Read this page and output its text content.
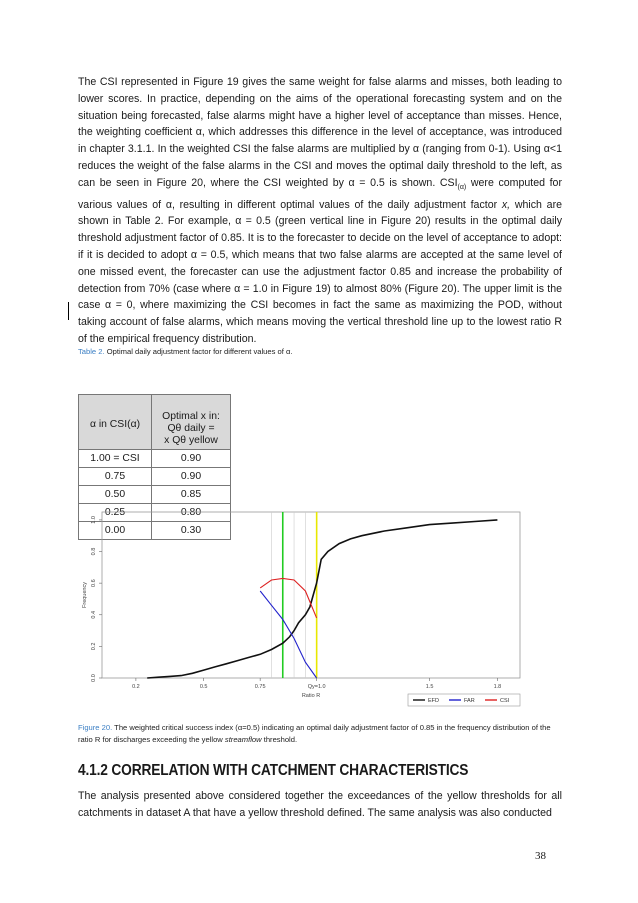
The CSI represented in Figure 19 gives the same weight for false alarms and misses, both leading to lower scores. In practice, depending on the aims of the operational forecasting system and on the situation being forecasted, false alarms might have a higher level of acceptance than misses. Hence, the weighting coefficient α, which addresses this difference in the level of acceptance, was introduced in chapter 3.1.1. In the weighted CSI the false alarms are multiplied by α (ranging from 0-1). Using α<1 reduces the weight of the false alarms in the CSI and moves the optimal daily threshold to the left, as can be seen in Figure 20, where the CSI weighted by α = 0.5 is shown. $CSI_{(\alpha)}$ were computed for various values of α, resulting in different optimal values of the daily adjustment factor x, which are shown in Table 2. For example, α = 0.5 (green vertical line in Figure 20) results in the optimal daily threshold adjustment factor of 0.85. It is to the forecaster to decide on the level of acceptance to adopt: if it is decided to adopt α = 0.5, which means that two false alarms are accepted at the same level of one missed event, the forecaster can use the adjustment factor 0.85 and increase the probability of detection from 70% (case where α = 1.0 in Figure 19) to almost 80% (Figure 20). The upper limit is the case α = 0, where maximizing the CSI becomes in fact the same as maximizing the POD, without taking account of false alarms, which means moving the vertical threshold line up to the lowest ratio R of the empirical frequency distribution.

Table 2. Optimal daily adjustment factor for different values of α.

α in CSI(α)	Optimal x in:
Qθ daily =
x Qθ yellow

1.00 = CSI	0.90
0.75	0.90
0.50	0.85
0.25	0.80
0.00	0.30
0.0
0.2
0.4
0.6
0.8
1.0
0.2	0.5	0.75	1.5	1.8
Qy=1.0
Ratio R
Frequency
EFD	FAR	CSI

Figure 20. The weighted critical success index (α=0.5) indicating an optimal daily adjustment factor of 0.85 in the frequency distribution of the ratio R for discharges exceeding the yellow streamflow threshold.

4.1.2 CORRELATION WITH CATCHMENT CHARACTERISTICS

The analysis presented above considered together the exceedances of the yellow thresholds for all catchments in dataset A that have a yellow threshold defined. The same analysis was also conducted

38
